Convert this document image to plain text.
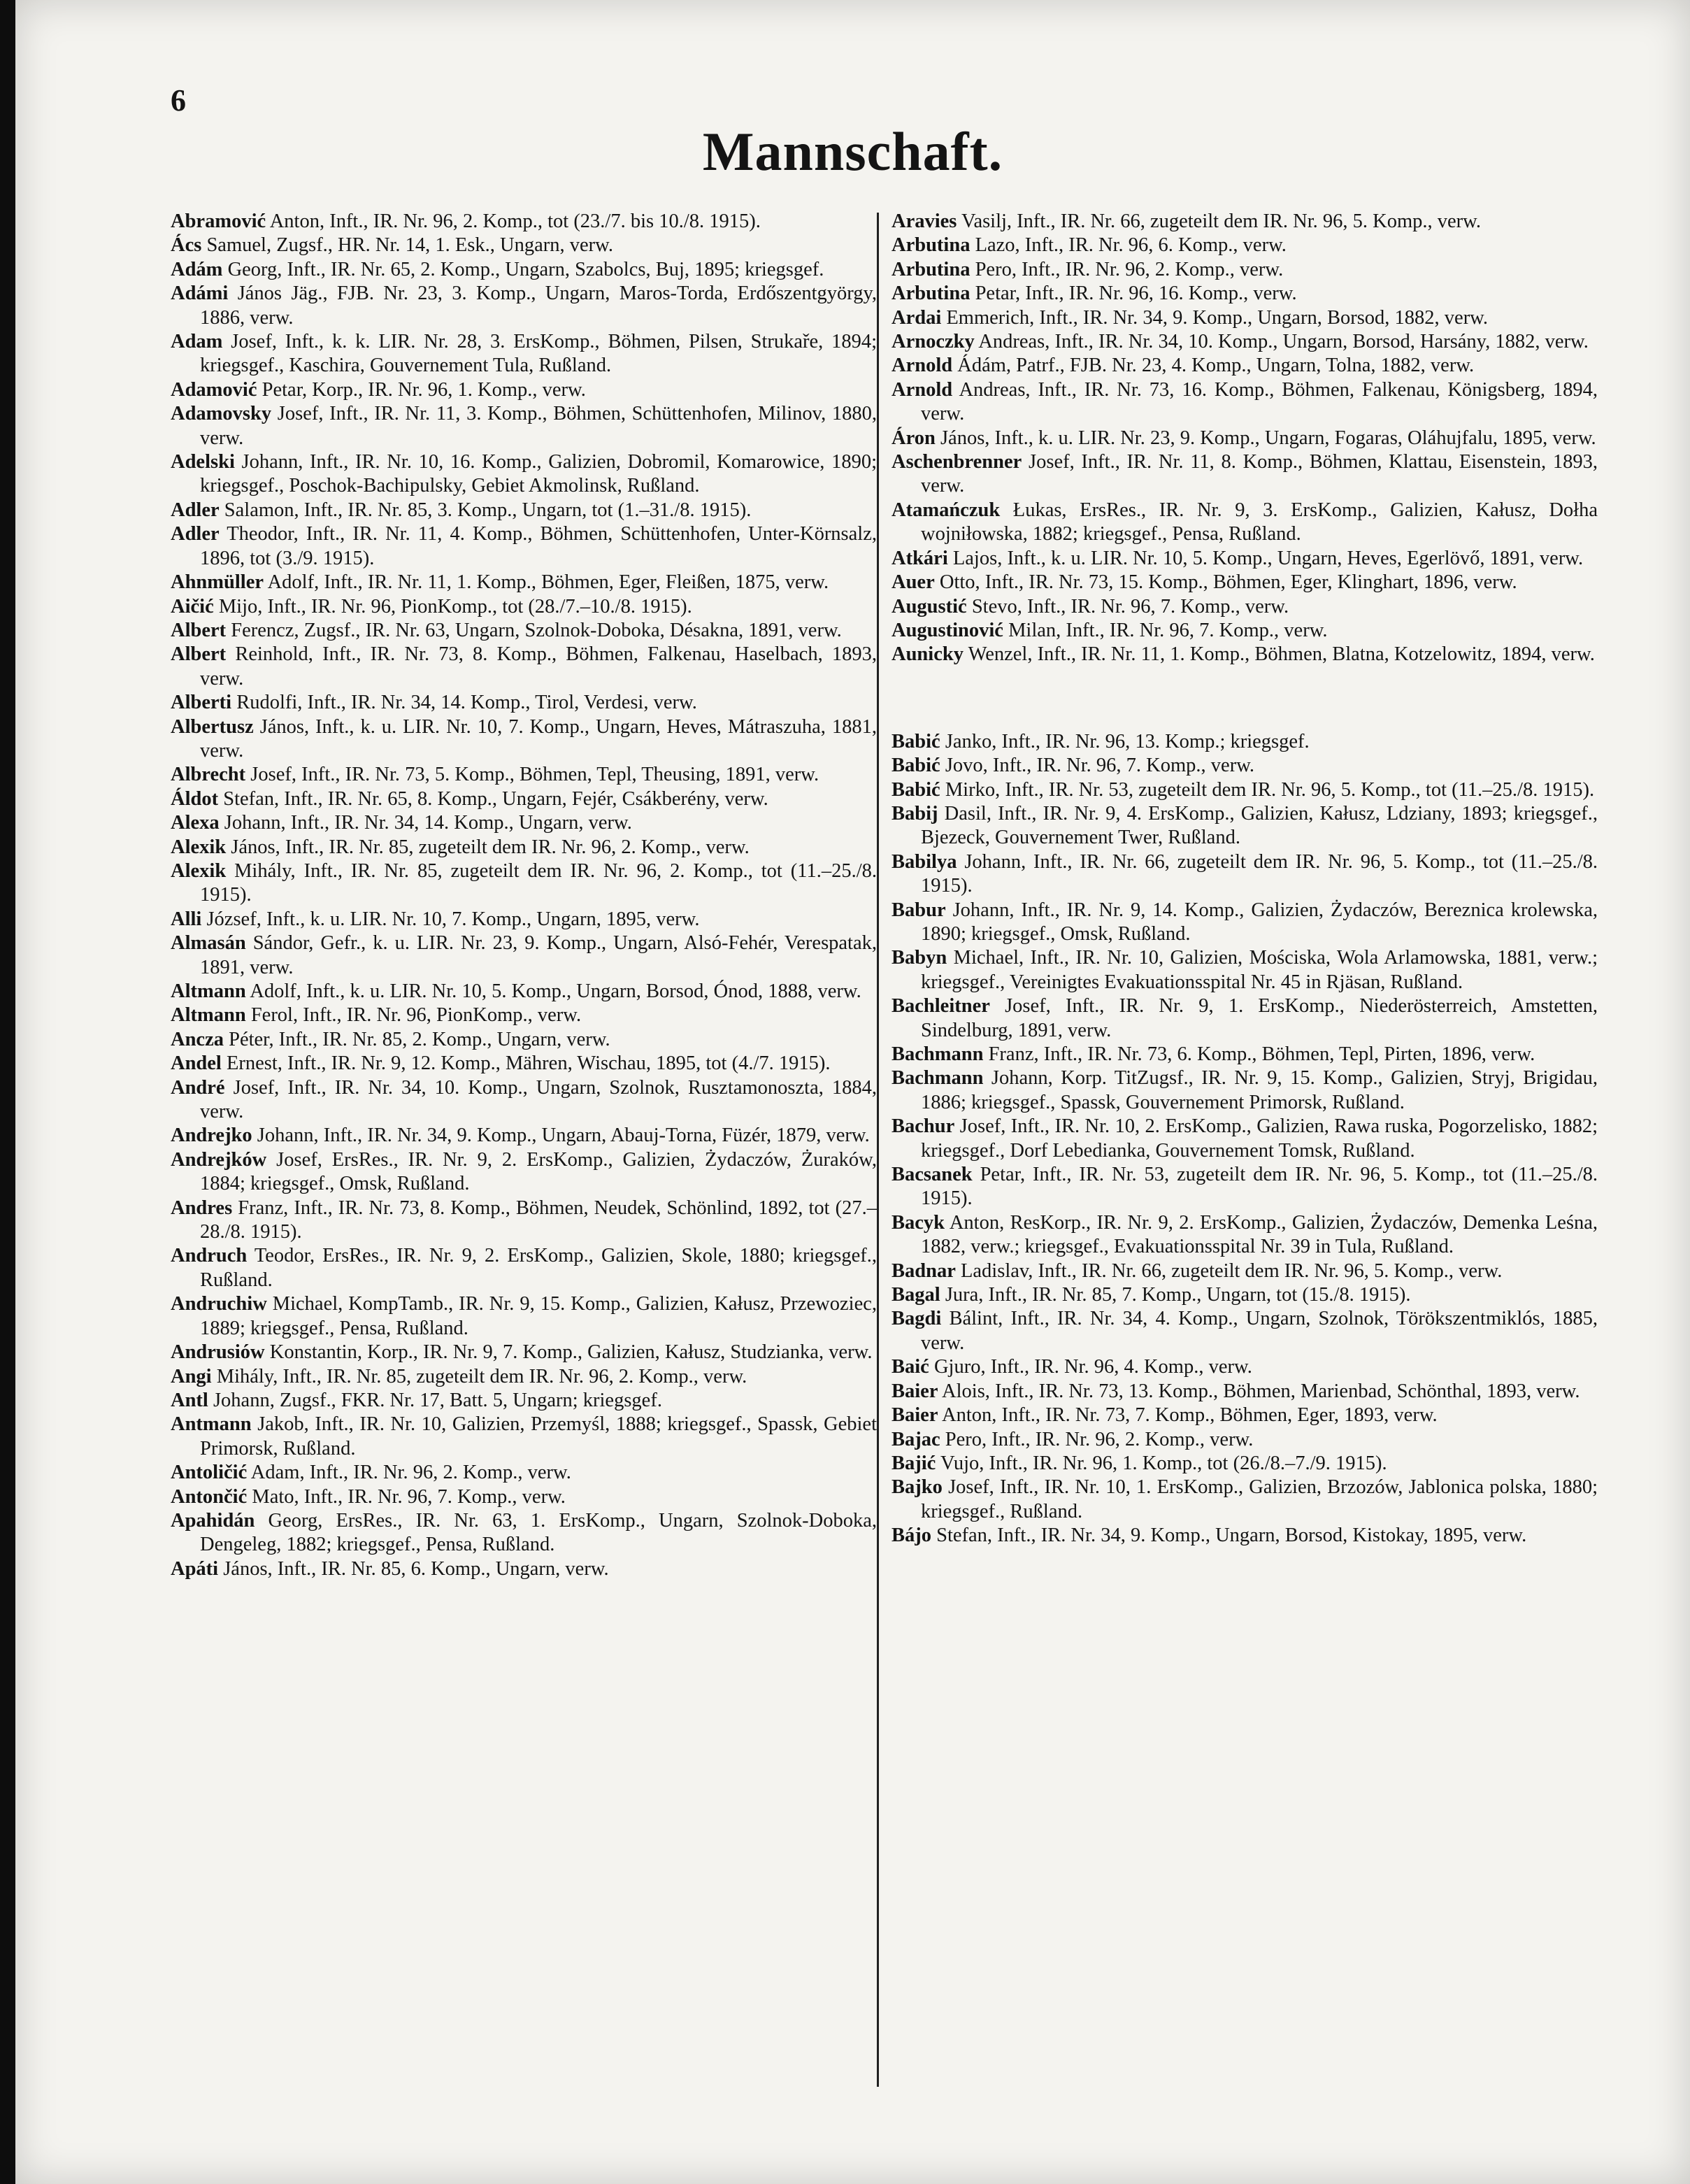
6
Mannschaft.

Abramović Anton, Inft., IR. Nr. 96, 2. Komp., tot (23./7. bis 10./8. 1915).

Ács Samuel, Zugsf., HR. Nr. 14, 1. Esk., Ungarn, verw.

Adám Georg, Inft., IR. Nr. 65, 2. Komp., Ungarn, Szabolcs, Buj, 1895; kriegsgef.

Adámi János Jäg., FJB. Nr. 23, 3. Komp., Ungarn, Maros-Torda, Erdőszentgyörgy, 1886, verw.

Adam Josef, Inft., k. k. LIR. Nr. 28, 3. ErsKomp., Böhmen, Pilsen, Strukaře, 1894; kriegsgef., Kaschira, Gouvernement Tula, Rußland.

Adamović Petar, Korp., IR. Nr. 96, 1. Komp., verw.

Adamovsky Josef, Inft., IR. Nr. 11, 3. Komp., Böhmen, Schüttenhofen, Milinov, 1880, verw.

Adelski Johann, Inft., IR. Nr. 10, 16. Komp., Galizien, Dobromil, Komarowice, 1890; kriegsgef., Poschok-Bachipulsky, Gebiet Akmolinsk, Rußland.

Adler Salamon, Inft., IR. Nr. 85, 3. Komp., Ungarn, tot (1.–31./8. 1915).

Adler Theodor, Inft., IR. Nr. 11, 4. Komp., Böhmen, Schüttenhofen, Unter-Körnsalz, 1896, tot (3./9. 1915).

Ahnmüller Adolf, Inft., IR. Nr. 11, 1. Komp., Böhmen, Eger, Fleißen, 1875, verw.

Aičić Mijo, Inft., IR. Nr. 96, PionKomp., tot (28./7.–10./8. 1915).

Albert Ferencz, Zugsf., IR. Nr. 63, Ungarn, Szolnok-Doboka, Désakna, 1891, verw.

Albert Reinhold, Inft., IR. Nr. 73, 8. Komp., Böhmen, Falkenau, Haselbach, 1893, verw.

Alberti Rudolfi, Inft., IR. Nr. 34, 14. Komp., Tirol, Verdesi, verw.

Albertusz János, Inft., k. u. LIR. Nr. 10, 7. Komp., Ungarn, Heves, Mátraszuha, 1881, verw.

Albrecht Josef, Inft., IR. Nr. 73, 5. Komp., Böhmen, Tepl, Theusing, 1891, verw.

Áldot Stefan, Inft., IR. Nr. 65, 8. Komp., Ungarn, Fejér, Csákberény, verw.

Alexa Johann, Inft., IR. Nr. 34, 14. Komp., Ungarn, verw.

Alexik János, Inft., IR. Nr. 85, zugeteilt dem IR. Nr. 96, 2. Komp., verw.

Alexik Mihály, Inft., IR. Nr. 85, zugeteilt dem IR. Nr. 96, 2. Komp., tot (11.–25./8. 1915).

Alli József, Inft., k. u. LIR. Nr. 10, 7. Komp., Ungarn, 1895, verw.

Almasán Sándor, Gefr., k. u. LIR. Nr. 23, 9. Komp., Ungarn, Alsó-Fehér, Verespatak, 1891, verw.

Altmann Adolf, Inft., k. u. LIR. Nr. 10, 5. Komp., Ungarn, Borsod, Ónod, 1888, verw.

Altmann Ferol, Inft., IR. Nr. 96, PionKomp., verw.

Ancza Péter, Inft., IR. Nr. 85, 2. Komp., Ungarn, verw.

Andel Ernest, Inft., IR. Nr. 9, 12. Komp., Mähren, Wischau, 1895, tot (4./7. 1915).

André Josef, Inft., IR. Nr. 34, 10. Komp., Ungarn, Szolnok, Rusztamonoszta, 1884, verw.

Andrejko Johann, Inft., IR. Nr. 34, 9. Komp., Ungarn, Abauj-Torna, Füzér, 1879, verw.

Andrejków Josef, ErsRes., IR. Nr. 9, 2. ErsKomp., Galizien, Żydaczów, Żuraków, 1884; kriegsgef., Omsk, Rußland.

Andres Franz, Inft., IR. Nr. 73, 8. Komp., Böhmen, Neudek, Schönlind, 1892, tot (27.–28./8. 1915).

Andruch Teodor, ErsRes., IR. Nr. 9, 2. ErsKomp., Galizien, Skole, 1880; kriegsgef., Rußland.

Andruchiw Michael, KompTamb., IR. Nr. 9, 15. Komp., Galizien, Kałusz, Przewoziec, 1889; kriegsgef., Pensa, Rußland.

Andrusiów Konstantin, Korp., IR. Nr. 9, 7. Komp., Galizien, Kałusz, Studzianka, verw.

Angi Mihály, Inft., IR. Nr. 85, zugeteilt dem IR. Nr. 96, 2. Komp., verw.

Antl Johann, Zugsf., FKR. Nr. 17, Batt. 5, Ungarn; kriegsgef.

Antmann Jakob, Inft., IR. Nr. 10, Galizien, Przemyśl, 1888; kriegsgef., Spassk, Gebiet Primorsk, Rußland.

Antoličić Adam, Inft., IR. Nr. 96, 2. Komp., verw.

Antončić Mato, Inft., IR. Nr. 96, 7. Komp., verw.

Apahidán Georg, ErsRes., IR. Nr. 63, 1. ErsKomp., Ungarn, Szolnok-Doboka, Dengeleg, 1882; kriegsgef., Pensa, Rußland.

Apáti János, Inft., IR. Nr. 85, 6. Komp., Ungarn, verw.

Aravies Vasilj, Inft., IR. Nr. 66, zugeteilt dem IR. Nr. 96, 5. Komp., verw.

Arbutina Lazo, Inft., IR. Nr. 96, 6. Komp., verw.

Arbutina Pero, Inft., IR. Nr. 96, 2. Komp., verw.

Arbutina Petar, Inft., IR. Nr. 96, 16. Komp., verw.

Ardai Emmerich, Inft., IR. Nr. 34, 9. Komp., Ungarn, Borsod, 1882, verw.

Arnoczky Andreas, Inft., IR. Nr. 34, 10. Komp., Ungarn, Borsod, Harsány, 1882, verw.

Arnold Ádám, Patrf., FJB. Nr. 23, 4. Komp., Ungarn, Tolna, 1882, verw.

Arnold Andreas, Inft., IR. Nr. 73, 16. Komp., Böhmen, Falkenau, Königsberg, 1894, verw.

Áron János, Inft., k. u. LIR. Nr. 23, 9. Komp., Ungarn, Fogaras, Oláhujfalu, 1895, verw.

Aschenbrenner Josef, Inft., IR. Nr. 11, 8. Komp., Böhmen, Klattau, Eisenstein, 1893, verw.

Atamańczuk Łukas, ErsRes., IR. Nr. 9, 3. ErsKomp., Galizien, Kałusz, Dołha wojniłowska, 1882; kriegsgef., Pensa, Rußland.

Atkári Lajos, Inft., k. u. LIR. Nr. 10, 5. Komp., Ungarn, Heves, Egerlövő, 1891, verw.

Auer Otto, Inft., IR. Nr. 73, 15. Komp., Böhmen, Eger, Klinghart, 1896, verw.

Augustić Stevo, Inft., IR. Nr. 96, 7. Komp., verw.

Augustinović Milan, Inft., IR. Nr. 96, 7. Komp., verw.

Aunicky Wenzel, Inft., IR. Nr. 11, 1. Komp., Böhmen, Blatna, Kotzelowitz, 1894, verw.

Babić Janko, Inft., IR. Nr. 96, 13. Komp.; kriegsgef.

Babić Jovo, Inft., IR. Nr. 96, 7. Komp., verw.

Babić Mirko, Inft., IR. Nr. 53, zugeteilt dem IR. Nr. 96, 5. Komp., tot (11.–25./8. 1915).

Babij Dasil, Inft., IR. Nr. 9, 4. ErsKomp., Galizien, Kałusz, Ldziany, 1893; kriegsgef., Bjezeck, Gouvernement Twer, Rußland.

Babilya Johann, Inft., IR. Nr. 66, zugeteilt dem IR. Nr. 96, 5. Komp., tot (11.–25./8. 1915).

Babur Johann, Inft., IR. Nr. 9, 14. Komp., Galizien, Żydaczów, Bereznica krolewska, 1890; kriegsgef., Omsk, Rußland.

Babyn Michael, Inft., IR. Nr. 10, Galizien, Mościska, Wola Arlamowska, 1881, verw.; kriegsgef., Vereinigtes Evakuationsspital Nr. 45 in Rjäsan, Rußland.

Bachleitner Josef, Inft., IR. Nr. 9, 1. ErsKomp., Niederösterreich, Amstetten, Sindelburg, 1891, verw.

Bachmann Franz, Inft., IR. Nr. 73, 6. Komp., Böhmen, Tepl, Pirten, 1896, verw.

Bachmann Johann, Korp. TitZugsf., IR. Nr. 9, 15. Komp., Galizien, Stryj, Brigidau, 1886; kriegsgef., Spassk, Gouvernement Primorsk, Rußland.

Bachur Josef, Inft., IR. Nr. 10, 2. ErsKomp., Galizien, Rawa ruska, Pogorzelisko, 1882; kriegsgef., Dorf Lebedianka, Gouvernement Tomsk, Rußland.

Bacsanek Petar, Inft., IR. Nr. 53, zugeteilt dem IR. Nr. 96, 5. Komp., tot (11.–25./8. 1915).

Bacyk Anton, ResKorp., IR. Nr. 9, 2. ErsKomp., Galizien, Żydaczów, Demenka Leśna, 1882, verw.; kriegsgef., Evakuationsspital Nr. 39 in Tula, Rußland.

Badnar Ladislav, Inft., IR. Nr. 66, zugeteilt dem IR. Nr. 96, 5. Komp., verw.

Bagal Jura, Inft., IR. Nr. 85, 7. Komp., Ungarn, tot (15./8. 1915).

Bagdi Bálint, Inft., IR. Nr. 34, 4. Komp., Ungarn, Szolnok, Törökszentmiklós, 1885, verw.

Baić Gjuro, Inft., IR. Nr. 96, 4. Komp., verw.

Baier Alois, Inft., IR. Nr. 73, 13. Komp., Böhmen, Marienbad, Schönthal, 1893, verw.

Baier Anton, Inft., IR. Nr. 73, 7. Komp., Böhmen, Eger, 1893, verw.

Bajac Pero, Inft., IR. Nr. 96, 2. Komp., verw.

Bajić Vujo, Inft., IR. Nr. 96, 1. Komp., tot (26./8.–7./9. 1915).

Bajko Josef, Inft., IR. Nr. 10, 1. ErsKomp., Galizien, Brzozów, Jablonica polska, 1880; kriegsgef., Rußland.

Bájo Stefan, Inft., IR. Nr. 34, 9. Komp., Ungarn, Borsod, Kistokay, 1895, verw.
